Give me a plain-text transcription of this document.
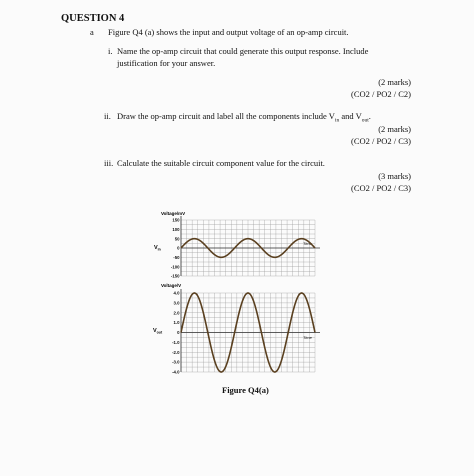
QUESTION 4
a Figure Q4 (a) shows the input and output voltage of an op-amp circuit.
i. Name the op-amp circuit that could generate this output response. Include
justification for your answer.
(2 marks)
(CO2 / PO2 / C2)
ii. Draw the op-amp circuit and label all the components include $V_{in}$ and $V_{out}$.
(2 marks)
(CO2 / PO2 / C3)
iii. Calculate the suitable circuit component value for the circuit.
(3 marks)
(CO2 / PO2 / C3)
Voltage/mV
150
100
50
0
-50
-100
-150
$V_{in}$
Time
Voltage/V
4.0
3.0
2.0
1.0
0
-1.0
-2.0
-3.0
-4.0
$V_{out}$
Time
Figure Q4(a)
